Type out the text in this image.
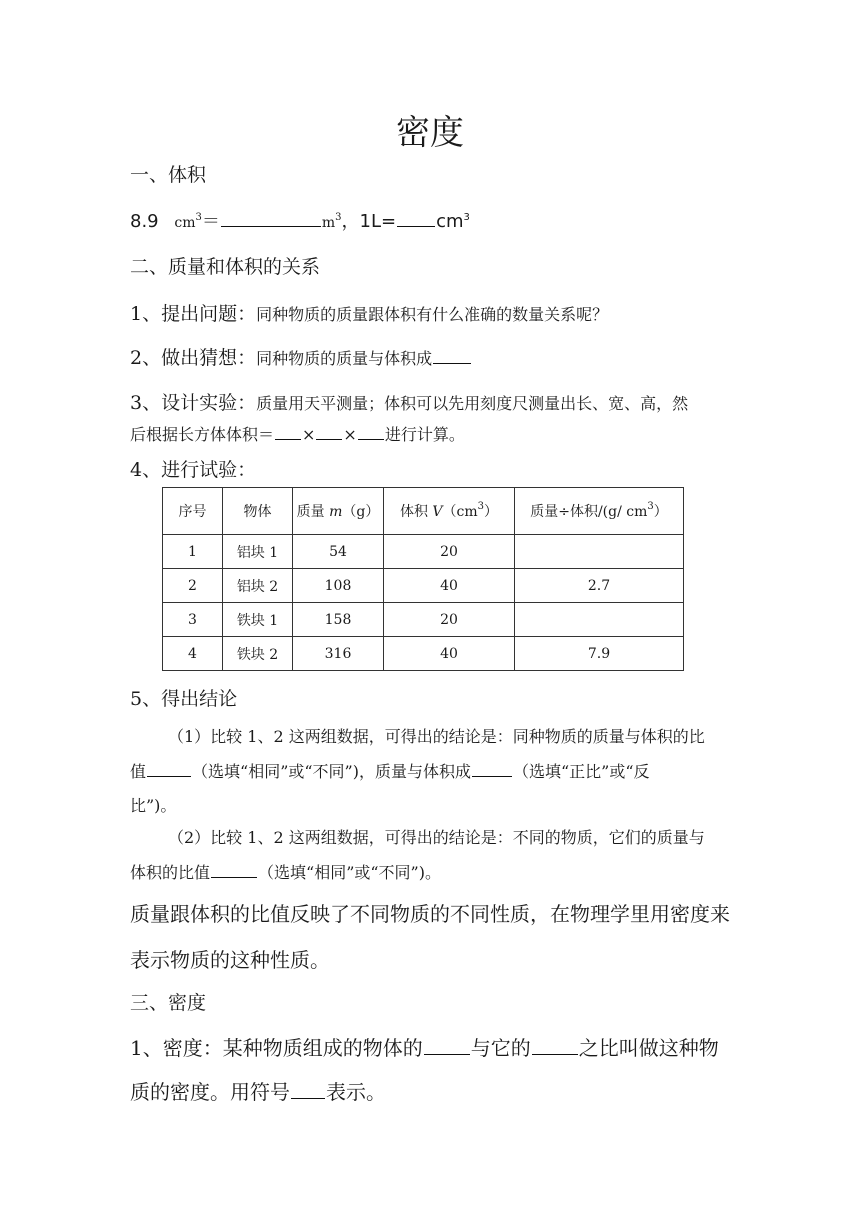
密度
一、体积
8.9 $cm^3=$	$m^3$，$1L= cm^3$
二、质量和体积的关系
1、提出问题：同种物质的质量跟体积有什么准确的数量关系呢？
2、做出猜想：同种物质的质量与体积成
3、设计实验：质量用天平测量；体积可以先用刻度尺测量出长、宽、高，然
后根据长方体体积＝ × × 进行计算。
4、进行试验：
序号	物体	质量 m（g）	体积 $V(cm^3)$	质量÷体积/(g/ $cm^3$）
1	铝块 1	54	20	
2	铝块 2	108	40	2.7
3	铁块 1	158	20	
4	铁块 2	316	40	7.9
5、得出结论
（1）比较 1、2 这两组数据，可得出的结论是：同种物质的质量与体积的比
值	（选填“相同”或“不同”)，质量与体积成	（选填“正比”或“反
比”)。
（2）比较 1、2 这两组数据，可得出的结论是：不同的物质，它们的质量与
体积的比值	（选填“相同”或“不同”)。
质量跟体积的比值反映了不同物质的不同性质，在物理学里用密度来
表示物质的这种性质。
三、密度
1、密度：某种物质组成的物体的 与它的 之比叫做这种物
质的密度。用符号 表示。
